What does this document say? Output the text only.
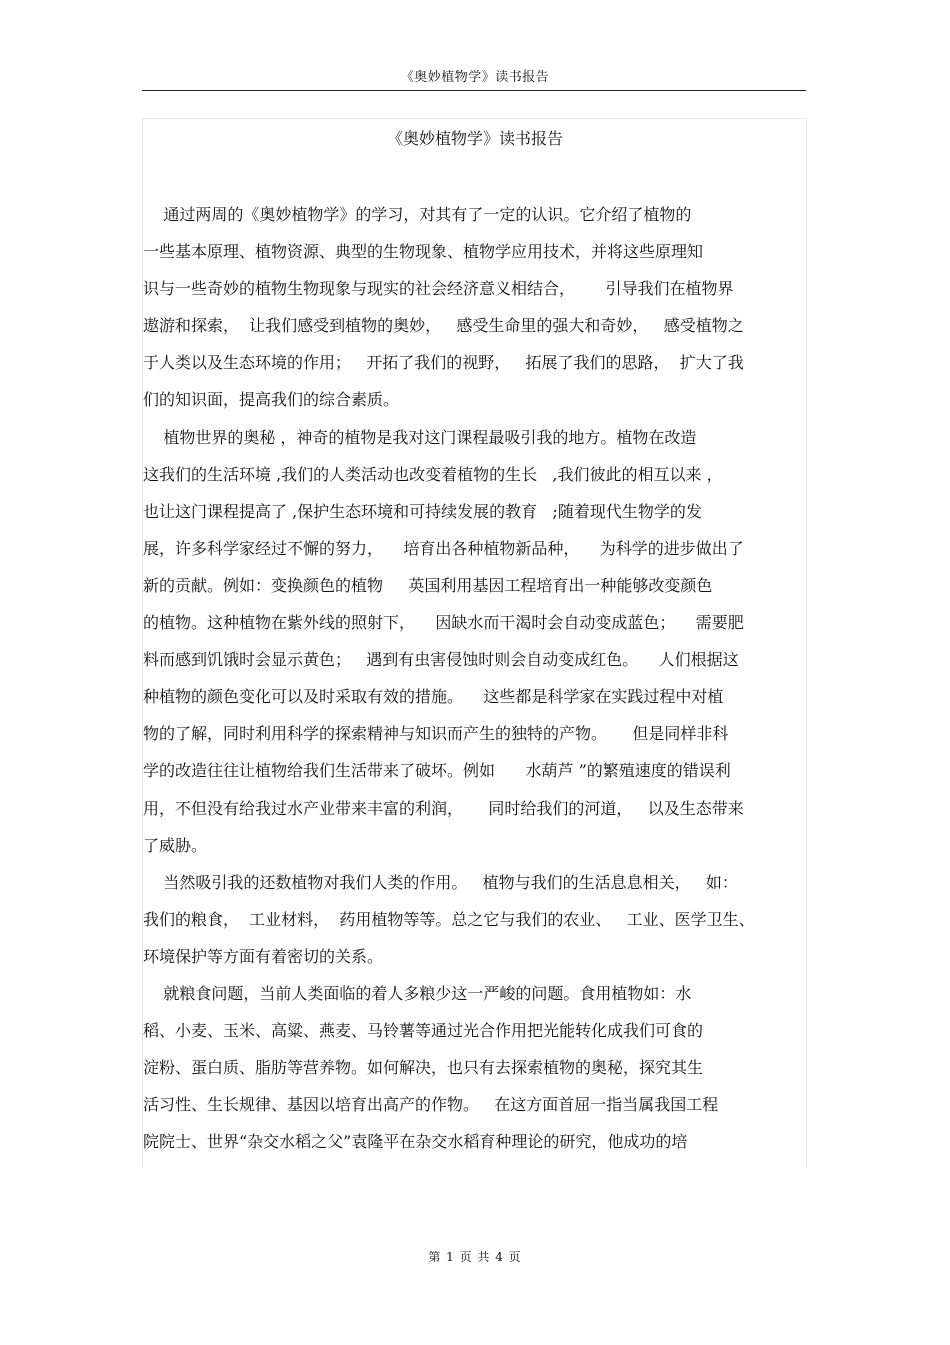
《奥妙植物学》读书报告
《奥妙植物学》读书报告
通过两周的《奥妙植物学》的学习，对其有了一定的认识。它介绍了植物的
一些基本原理、植物资源、典型的生物现象、植物学应用技术，并将这些原理知
识与一些奇妙的植物生物现象与现实的社会经济意义相结合，      引导我们在植物界
遨游和探索，  让我们感受到植物的奥妙，   感受生命里的强大和奇妙，   感受植物之
于人类以及生态环境的作用；   开拓了我们的视野，   拓展了我们的思路，  扩大了我
们的知识面，提高我们的综合素质。
植物世界的奥秘 ，神奇的植物是我对这门课程最吸引我的地方。植物在改造
这我们的生活环境 ,我们的人类活动也改变着植物的生长   ,我们彼此的相互以来 ，
也让这门课程提高了 ,保护生态环境和可持续发展的教育   ;随着现代生物学的发
展，许多科学家经过不懈的努力，    培育出各种植物新品种，    为科学的进步做出了
新的贡献。例如：变换颜色的植物     英国利用基因工程培育出一种能够改变颜色
的植物。这种植物在紫外线的照射下，    因缺水而干渴时会自动变成蓝色；    需要肥
料而感到饥饿时会显示黄色；   遇到有虫害侵蚀时则会自动变成红色。    人们根据这
种植物的颜色变化可以及时采取有效的措施。    这些都是科学家在实践过程中对植
物的了解，同时利用科学的探索精神与知识而产生的独特的产物。     但是同样非科
学的改造往往让植物给我们生活带来了破坏。例如      水葫芦 ”的繁殖速度的错误利
用，不但没有给我过水产业带来丰富的利润，     同时给我们的河道，   以及生态带来
了威胁。
当然吸引我的还数植物对我们人类的作用。   植物与我们的生活息息相关，   如：
我们的粮食，  工业材料，  药用植物等等。总之它与我们的农业、   工业、医学卫生、
环境保护等方面有着密切的关系。
就粮食问题，当前人类面临的着人多粮少这一严峻的问题。食用植物如：水
稻、小麦、玉米、高粱、燕麦、马铃薯等通过光合作用把光能转化成我们可食的
淀粉、蛋白质、脂肪等营养物。如何解决，也只有去探索植物的奥秘，探究其生
活习性、生长规律、基因以培育出高产的作物。   在这方面首屈一指当属我国工程
院院士、世界“杂交水稻之父”袁隆平在杂交水稻育种理论的研究，他成功的培
第 1 页 共 4 页
